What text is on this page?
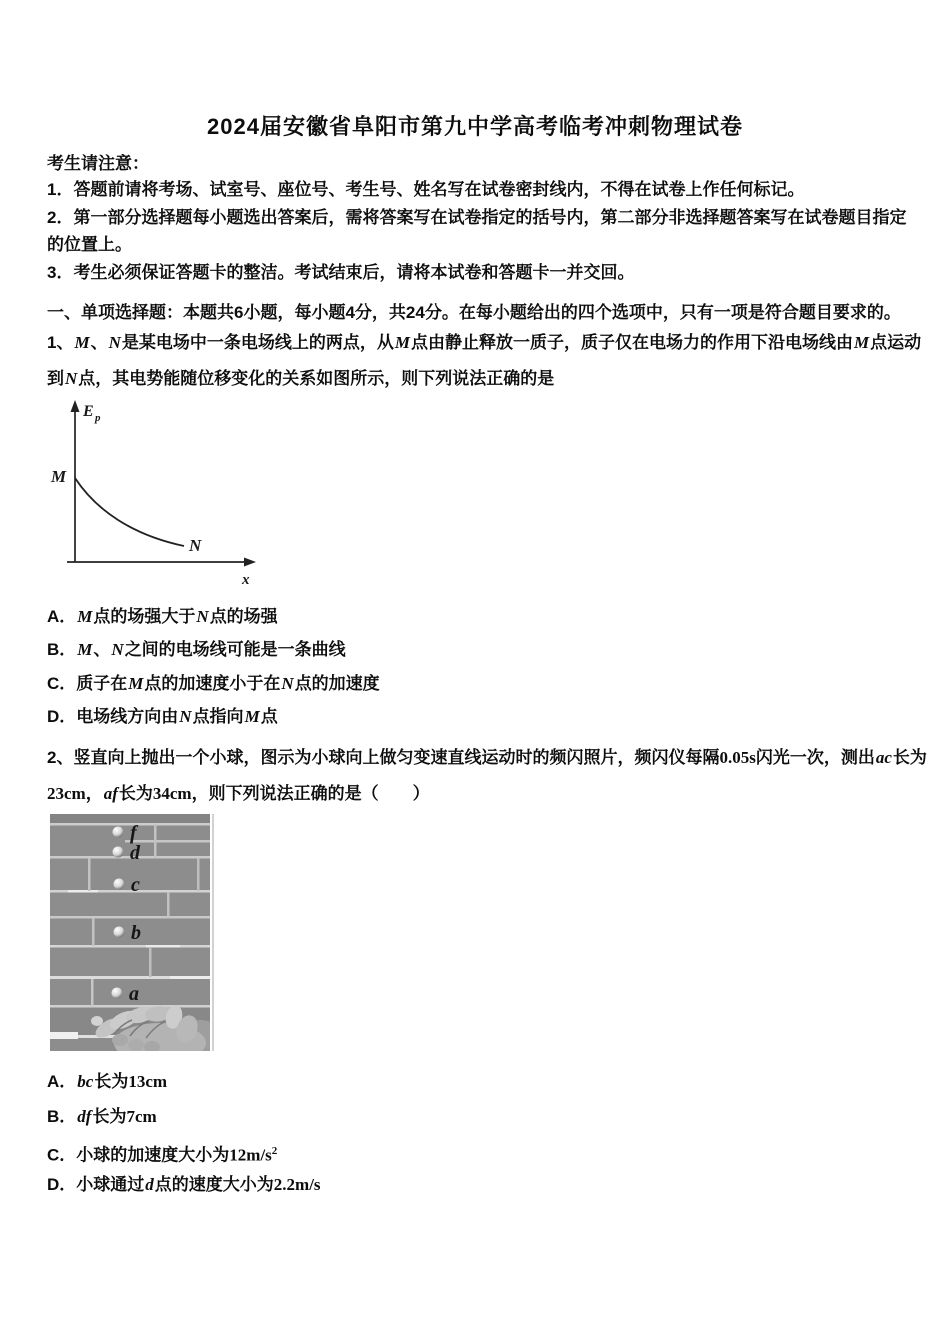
2024届安徽省阜阳市第九中学高考临考冲刺物理试卷
考生请注意：
1．答题前请将考场、试室号、座位号、考生号、姓名写在试卷密封线内，不得在试卷上作任何标记。
2．第一部分选择题每小题选出答案后，需将答案写在试卷指定的括号内，第二部分非选择题答案写在试卷题目指定的位置上。
3．考生必须保证答题卡的整洁。考试结束后，请将本试卷和答题卡一并交回。
一、单项选择题：本题共6小题，每小题4分，共24分。在每小题给出的四个选项中，只有一项是符合题目要求的。
1、M、N是某电场中一条电场线上的两点，从M点由静止释放一质子，质子仅在电场力的作用下沿电场线由M点运动到N点，其电势能随位移变化的关系如图所示，则下列说法正确的是
E p
M
N
x
A．M点的场强大于N点的场强
B．M、N之间的电场线可能是一条曲线
C．质子在M点的加速度小于在N点的加速度
D．电场线方向由N点指向M点
2、竖直向上抛出一个小球，图示为小球向上做匀变速直线运动时的频闪照片，频闪仪每隔0.05s闪光一次，测出ac长为23cm，af长为34cm，则下列说法正确的是（　　）
f
d
c
b
a
A．bc长为13cm
B．df长为7cm
C．小球的加速度大小为$12m/s^2$
D．小球通过d点的速度大小为2.2m/s
